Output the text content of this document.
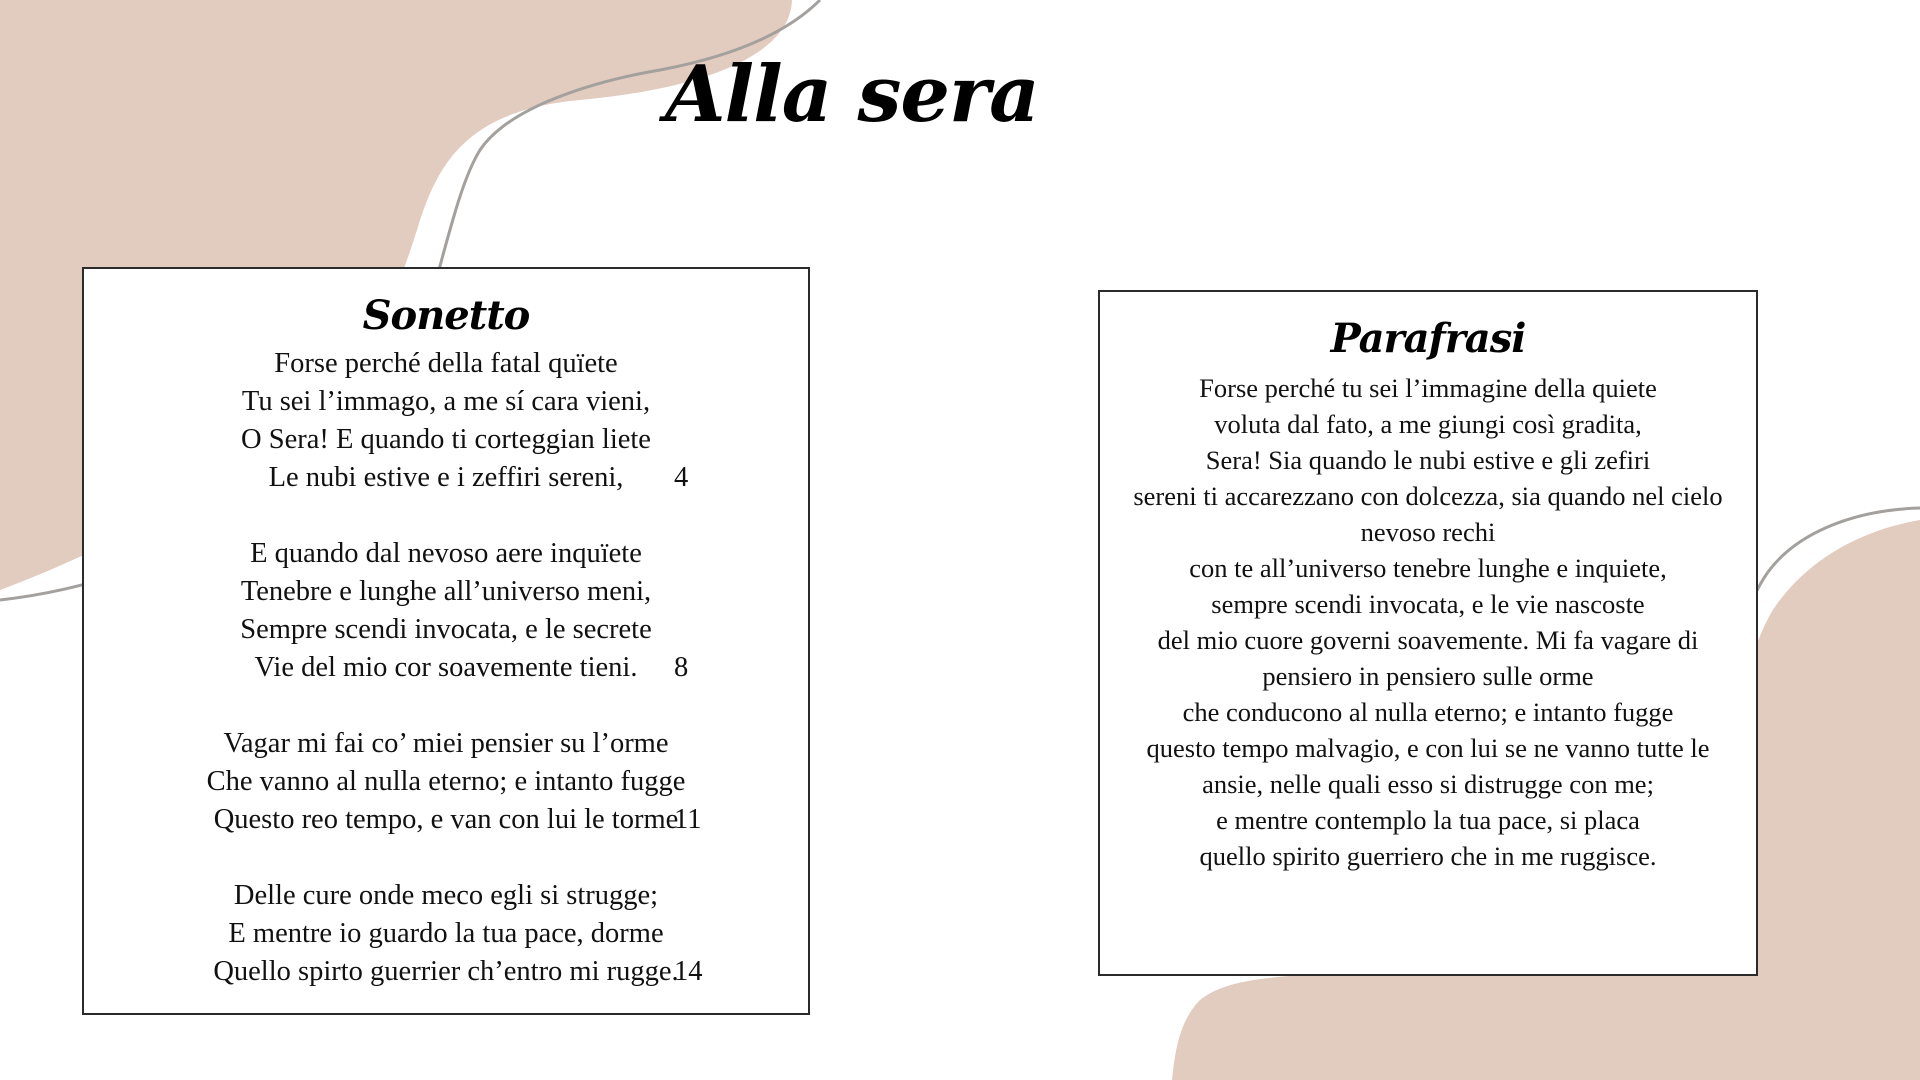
Alla sera
Sonetto
Forse perché della fatal quïete
Tu sei l’immago, a me sí cara vieni,
O Sera! E quando ti corteggian liete
Le nubi estive e i zeffiri sereni, 4
E quando dal nevoso aere inquïete
Tenebre e lunghe all’universo meni,
Sempre scendi invocata, e le secrete
Vie del mio cor soavemente tieni. 8
Vagar mi fai co’ miei pensier su l’orme
Che vanno al nulla eterno; e intanto fugge
Questo reo tempo, e van con lui le torme
11
Delle cure onde meco egli si strugge;
E mentre io guardo la tua pace, dorme
Quello spirto guerrier ch’entro mi rugge.
14
Parafrasi
Forse perché tu sei l’immagine della quiete
voluta dal fato, a me giungi così gradita,
Sera! Sia quando le nubi estive e gli zefiri
sereni ti accarezzano con dolcezza, sia quando nel cielo
nevoso rechi
con te all’universo tenebre lunghe e inquiete,
sempre scendi invocata, e le vie nascoste
del mio cuore governi soavemente. Mi fa vagare di
pensiero in pensiero sulle orme
che conducono al nulla eterno; e intanto fugge
questo tempo malvagio, e con lui se ne vanno tutte le
ansie, nelle quali esso si distrugge con me;
e mentre contemplo la tua pace, si placa
quello spirito guerriero che in me ruggisce.
